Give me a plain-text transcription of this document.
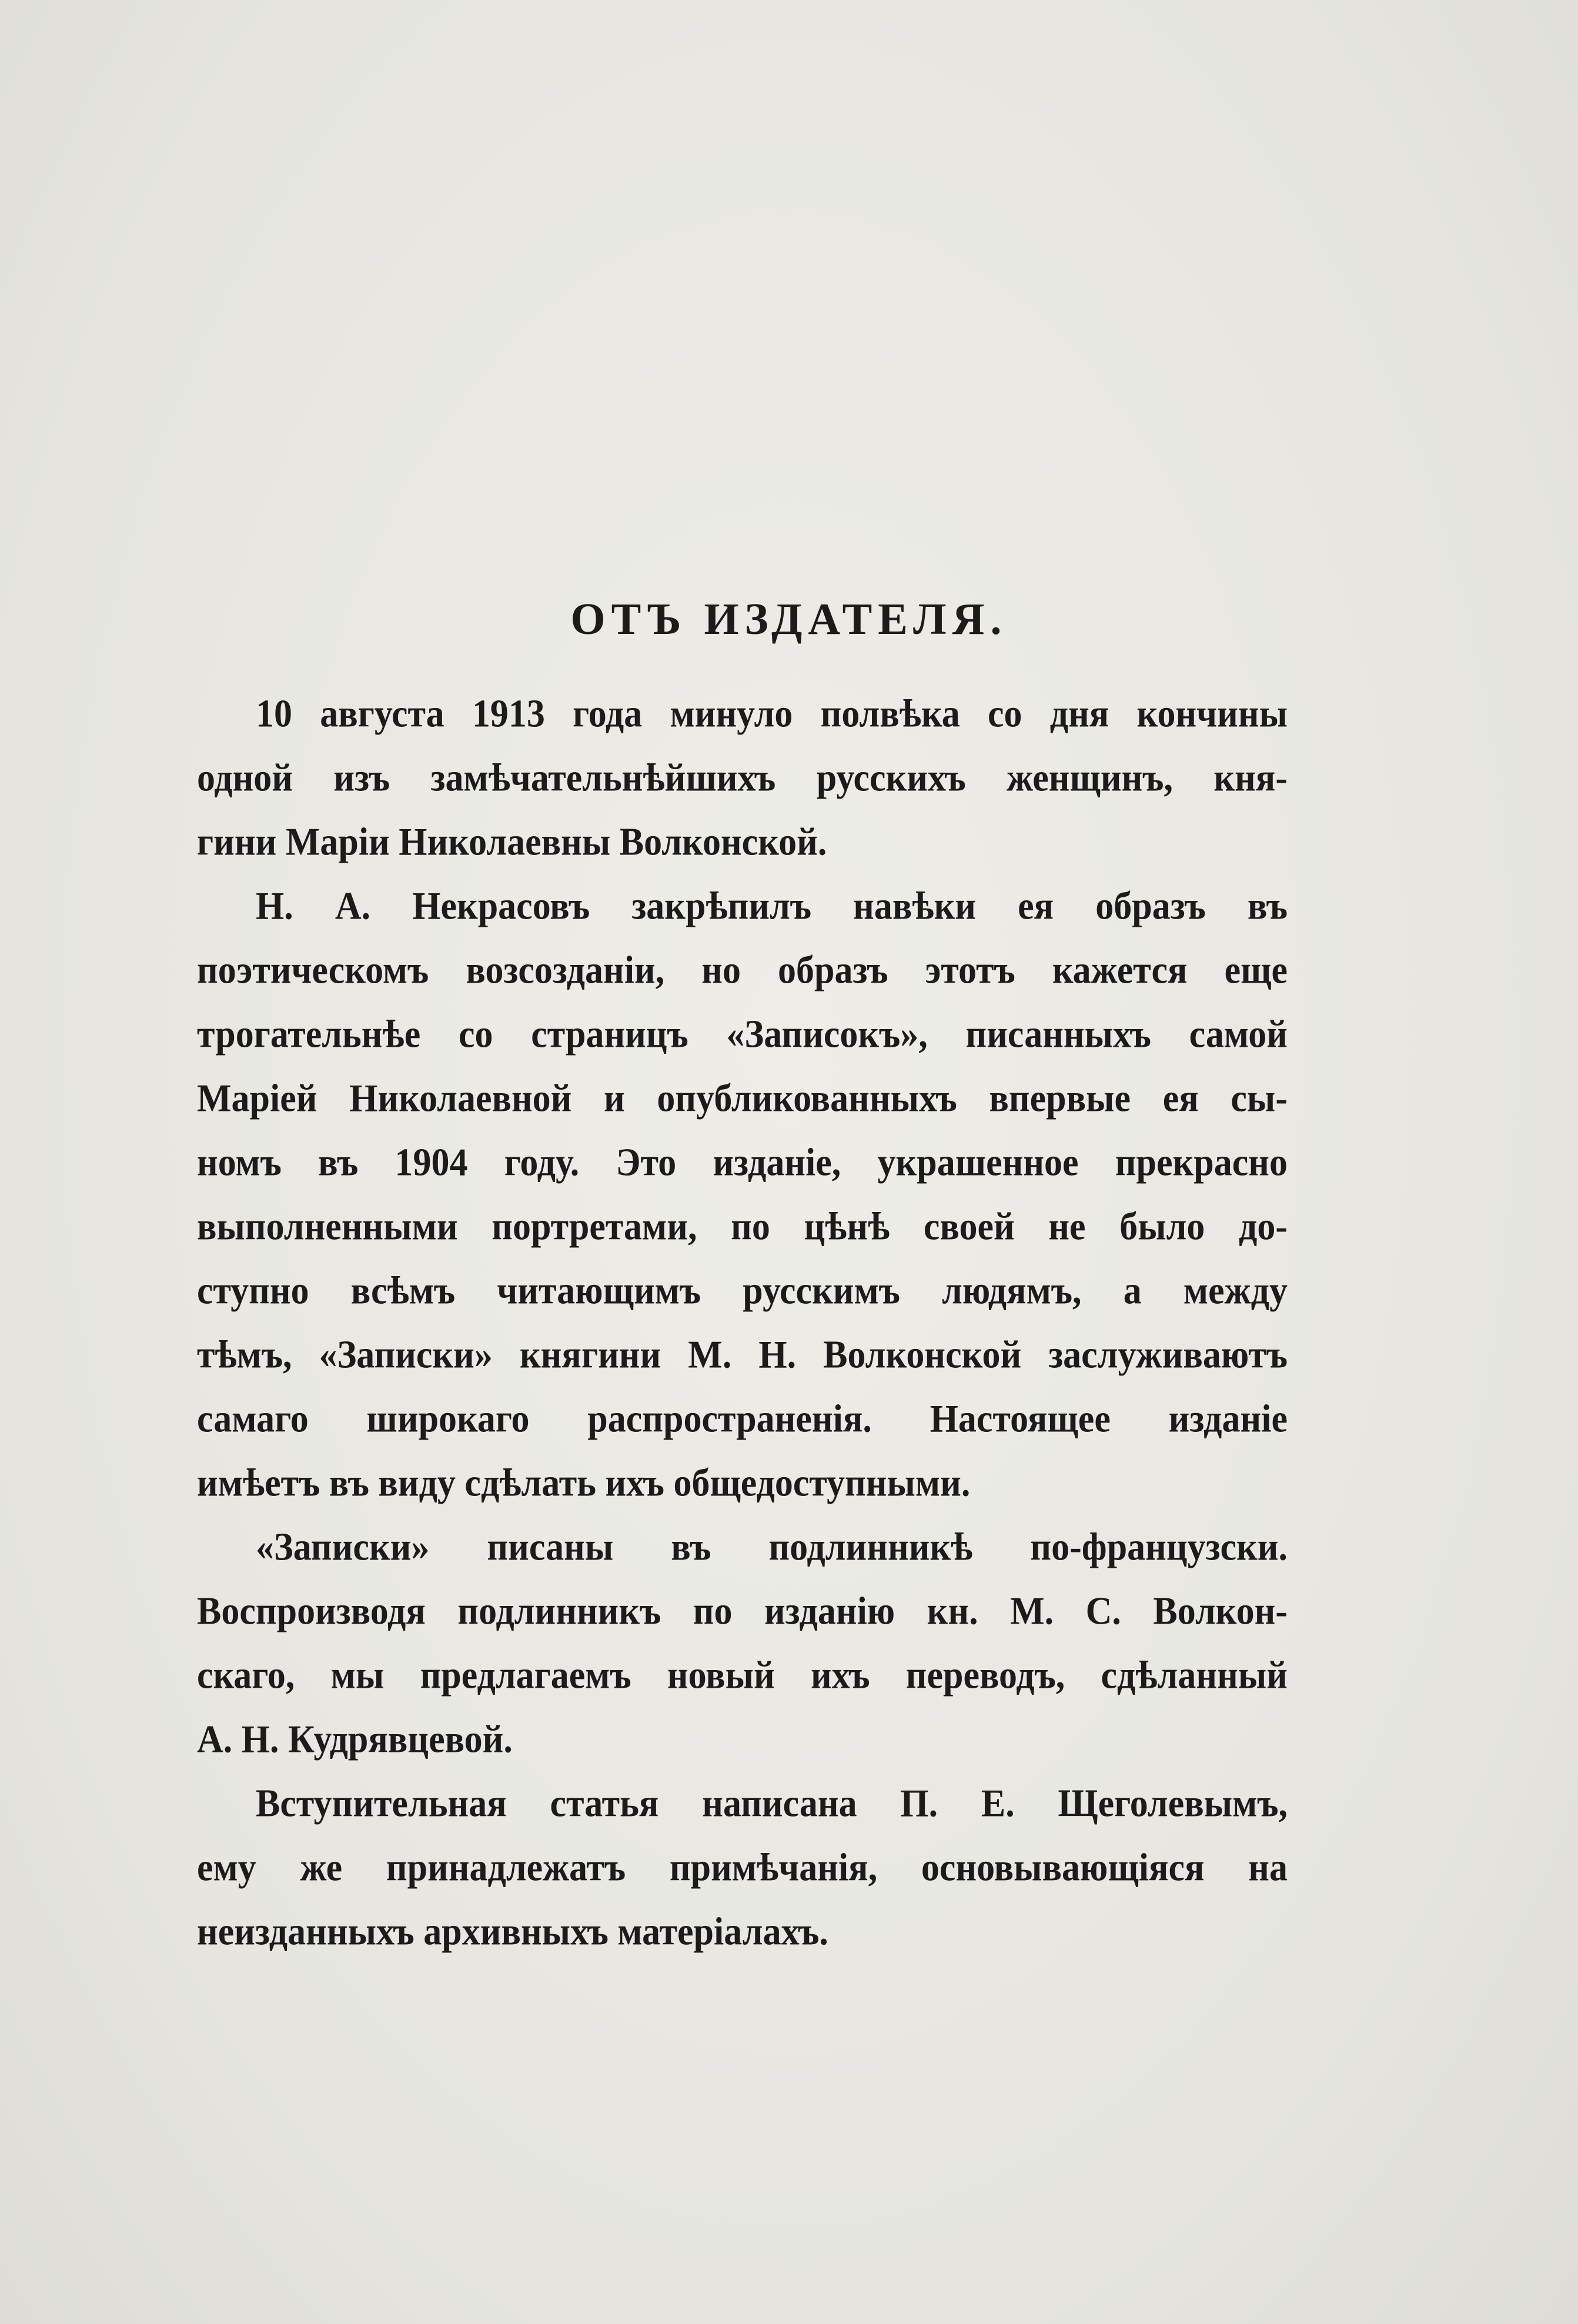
ОТЪ ИЗДАТЕЛЯ.
10 августа 1913 года минуло полвѣка со дня кончины
одной изъ замѣчательнѣйшихъ русскихъ женщинъ, кня-
гини Маріи Николаевны Волконской.
Н. А. Некрасовъ закрѣпилъ навѣки ея образъ въ
поэтическомъ возсозданіи, но образъ этотъ кажется еще
трогательнѣе со страницъ «Записокъ», писанныхъ самой
Маріей Николаевной и опубликованныхъ впервые ея сы-
номъ въ 1904 году. Это изданіе, украшенное прекрасно
выполненными портретами, по цѣнѣ своей не было до-
ступно всѣмъ читающимъ русскимъ людямъ, а между
тѣмъ, «Записки» княгини М. Н. Волконской заслуживаютъ
самаго широкаго распространенія. Настоящее изданіе
имѣетъ въ виду сдѣлать ихъ общедоступными.
«Записки» писаны въ подлинникѣ по-французски.
Воспроизводя подлинникъ по изданію кн. М. С. Волкон-
скаго, мы предлагаемъ новый ихъ переводъ, сдѣланный
А. Н. Кудрявцевой.
Вступительная статья написана П. Е. Щеголевымъ,
ему же принадлежатъ примѣчанія, основывающіяся на
неизданныхъ архивныхъ матеріалахъ.
